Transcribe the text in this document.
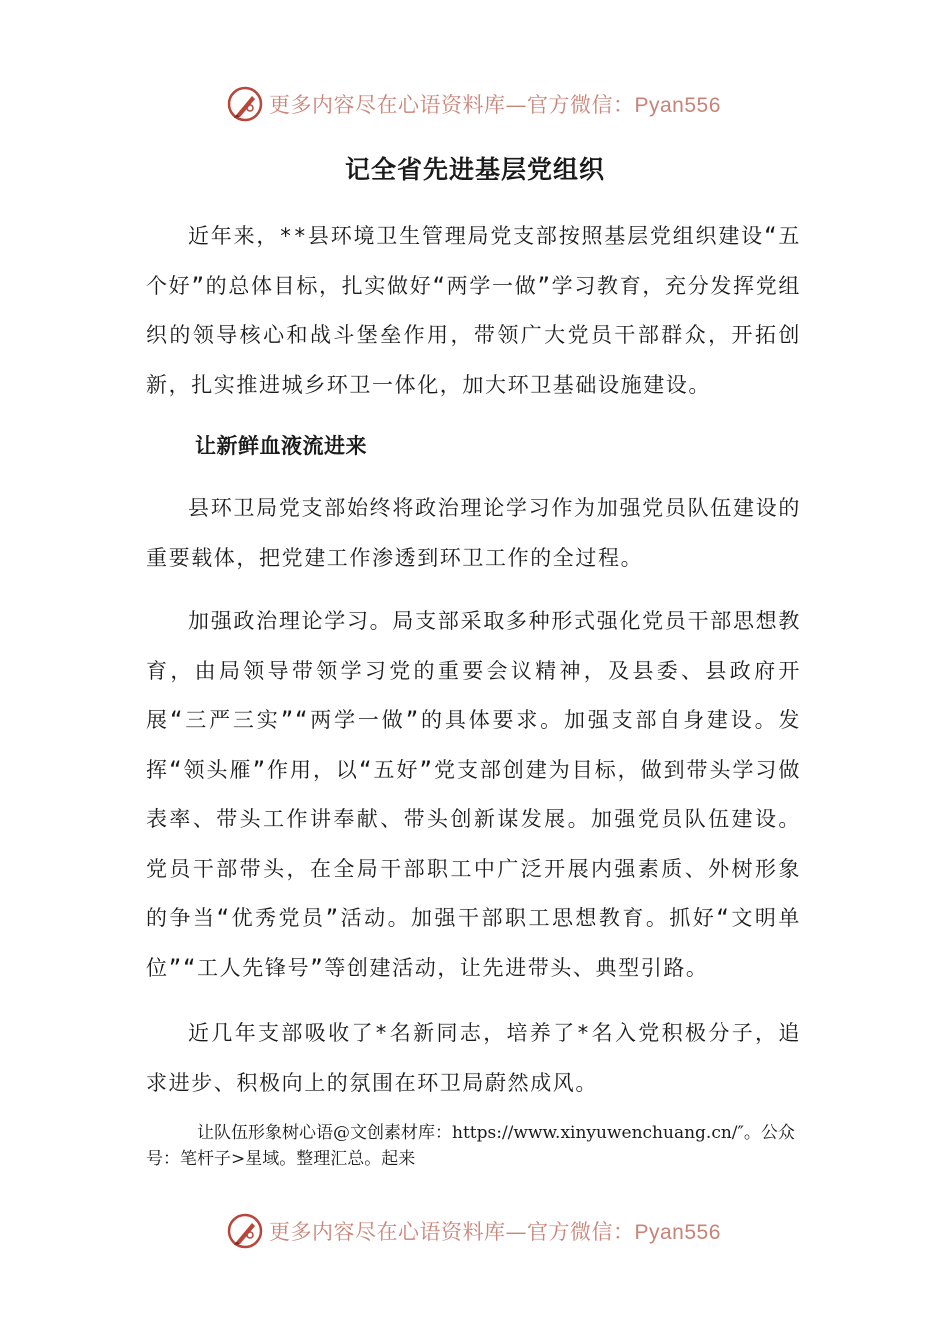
更多内容尽在心语资料库—官方微信：Pyan556
记全省先进基层党组织

近年来，**县环境卫生管理局党支部按照基层党组织建设“五个好”的总体目标，扎实做好“两学一做”学习教育，充分发挥党组织的领导核心和战斗堡垒作用，带领广大党员干部群众，开拓创新，扎实推进城乡环卫一体化，加大环卫基础设施建设。

让新鲜血液流进来

县环卫局党支部始终将政治理论学习作为加强党员队伍建设的重要载体，把党建工作渗透到环卫工作的全过程。

加强政治理论学习。局支部采取多种形式强化党员干部思想教育，由局领导带领学习党的重要会议精神，及县委、县政府开展“三严三实”“两学一做”的具体要求。加强支部自身建设。发挥“领头雁”作用，以“五好”党支部创建为目标，做到带头学习做表率、带头工作讲奉献、带头创新谋发展。加强党员队伍建设。党员干部带头，在全局干部职工中广泛开展内强素质、外树形象的争当“优秀党员”活动。加强干部职工思想教育。抓好“文明单位”“工人先锋号”等创建活动，让先进带头、典型引路。

近几年支部吸收了*名新同志，培养了*名入党积极分子，追求进步、积极向上的氛围在环卫局蔚然成风。

让队伍形象树心语@文创素材库：https://www.xinyuwenchuang.cn/″。公众号：笔杆子>星域。整理汇总。起来

更多内容尽在心语资料库—官方微信：Pyan556
